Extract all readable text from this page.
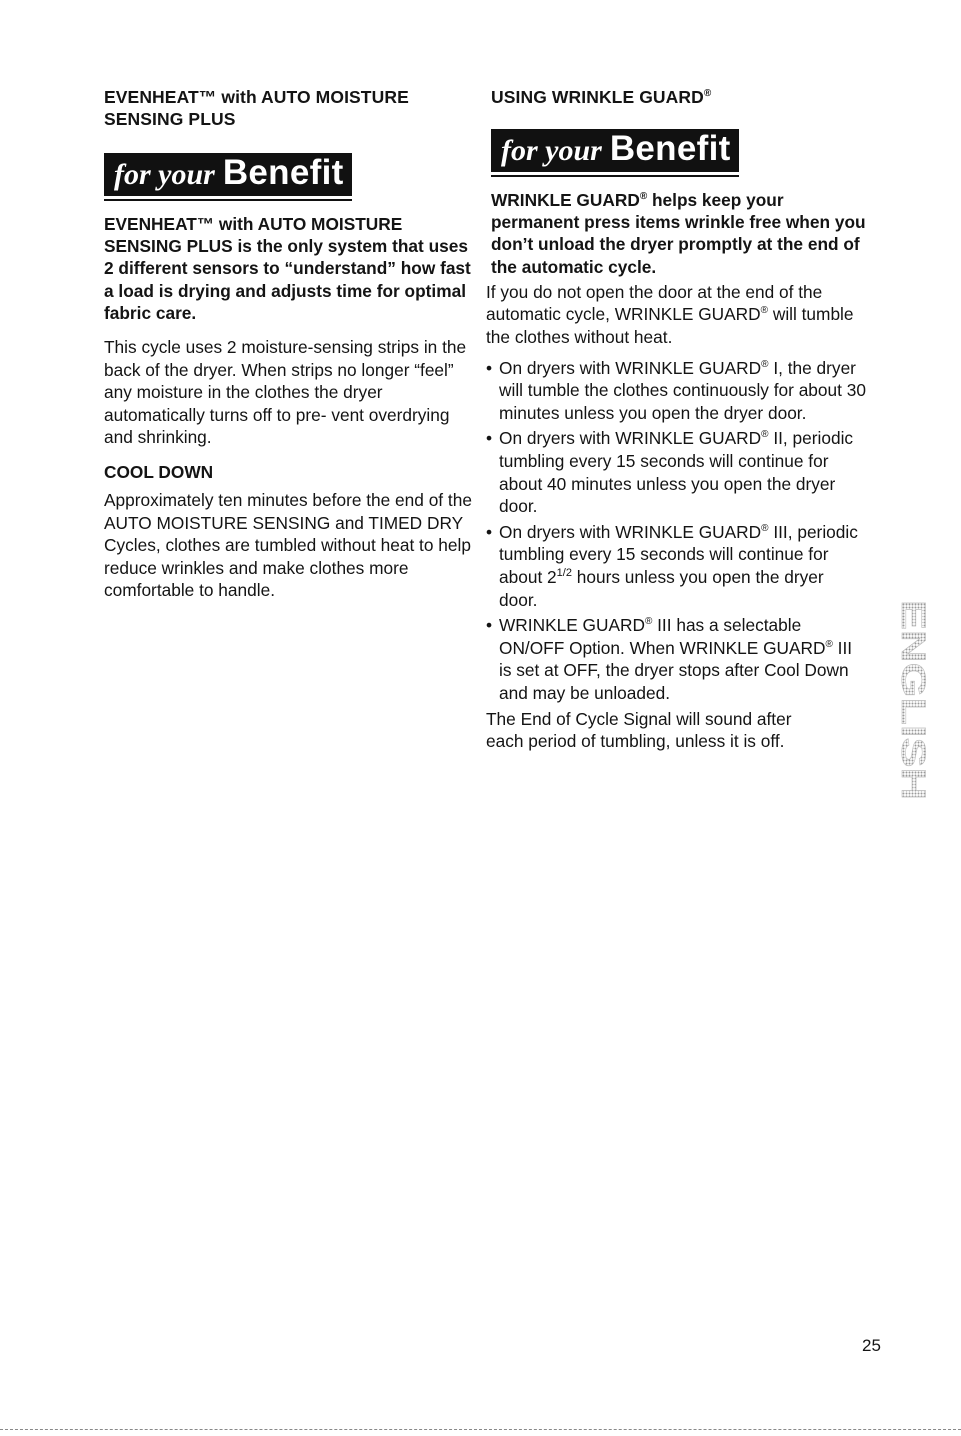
EVENHEAT™ with AUTO MOISTURE
SENSING PLUS

for your Benefit

EVENHEAT™ with AUTO MOISTURE SENSING PLUS is the only system that uses 2 different sensors to “understand” how fast a load is drying and adjusts time for optimal fabric care.

This cycle uses 2 moisture-sensing strips in the back of the dryer. When strips no longer “feel” any moisture in the clothes the dryer automatically turns off to pre- vent overdrying and shrinking.

COOL DOWN

Approximately ten minutes before the end of the AUTO MOISTURE SENSING and TIMED DRY Cycles, clothes are tumbled without heat to help reduce wrinkles and make clothes more comfortable to handle.

USING WRINKLE GUARD®

for your Benefit

WRINKLE GUARD® helps keep your permanent press items wrinkle free when you don’t unload the dryer promptly at the end of the automatic cycle.

If you do not open the door at the end of the automatic cycle, WRINKLE GUARD® will tumble the clothes without heat.

• On dryers with WRINKLE GUARD® I, the dryer will tumble the clothes continuously for about 30 minutes unless you open the dryer door.
• On dryers with WRINKLE GUARD® II, periodic tumbling every 15 seconds will continue for about 40 minutes unless you open the dryer door.
• On dryers with WRINKLE GUARD® III, periodic tumbling every 15 seconds will continue for about $2^{1/2}$ hours unless you open the dryer door.
• WRINKLE GUARD® III has a selectable ON/OFF Option. When WRINKLE GUARD® III is set at OFF, the dryer stops after Cool Down and may be unloaded.

The End of Cycle Signal will sound after each period of tumbling, unless it is off.	ENGLISH
25
